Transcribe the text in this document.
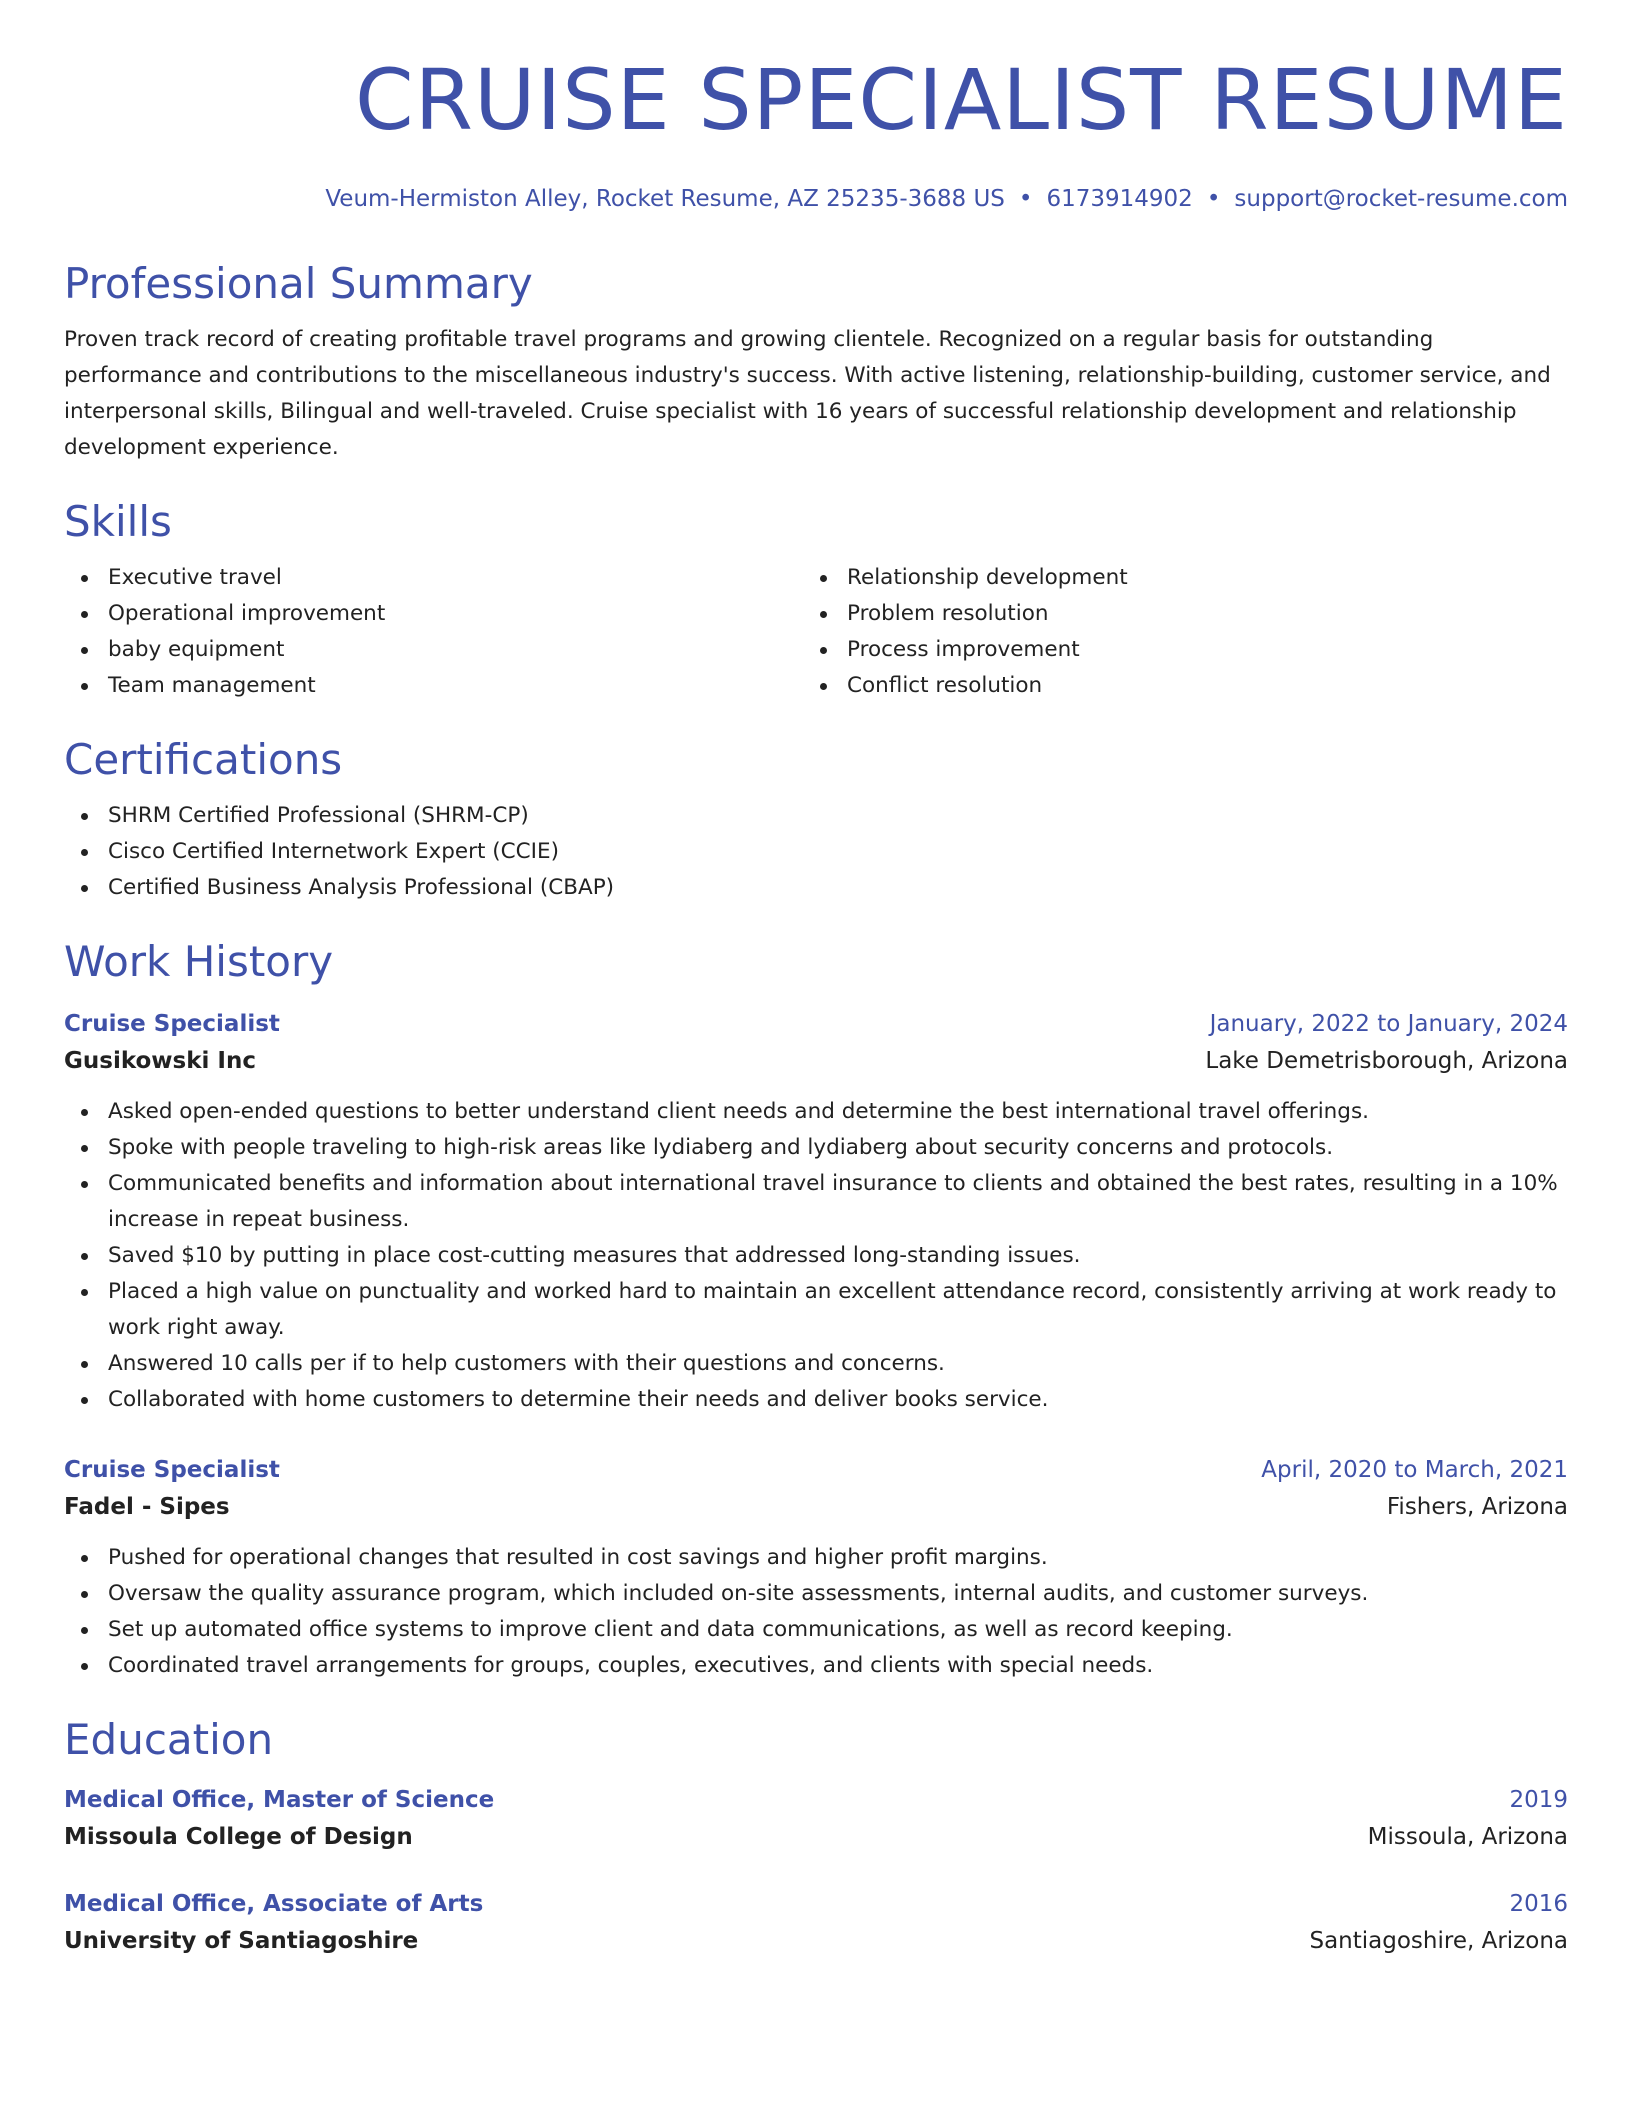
CRUISE SPECIALIST RESUME
Veum-Hermiston Alley, Rocket Resume, AZ 25235-3688 US • 6173914902 • support@rocket-resume.com
Professional Summary
Proven track record of creating profitable travel programs and growing clientele. Recognized on a regular basis for outstanding performance and contributions to the miscellaneous industry's success. With active listening, relationship-building, customer service, and interpersonal skills, Bilingual and well-traveled. Cruise specialist with 16 years of successful relationship development and relationship development experience.
Skills
Executive travel
Operational improvement
baby equipment
Team management
Relationship development
Problem resolution
Process improvement
Conflict resolution
Certifications
SHRM Certified Professional (SHRM-CP)
Cisco Certified Internetwork Expert (CCIE)
Certified Business Analysis Professional (CBAP)
Work History
Cruise Specialist	January, 2022 to January, 2024
Gusikowski Inc	Lake Demetrisborough, Arizona
Asked open-ended questions to better understand client needs and determine the best international travel offerings.
Spoke with people traveling to high-risk areas like lydiaberg and lydiaberg about security concerns and protocols.
Communicated benefits and information about international travel insurance to clients and obtained the best rates, resulting in a 10% increase in repeat business.
Saved $10 by putting in place cost-cutting measures that addressed long-standing issues.
Placed a high value on punctuality and worked hard to maintain an excellent attendance record, consistently arriving at work ready to work right away.
Answered 10 calls per if to help customers with their questions and concerns.
Collaborated with home customers to determine their needs and deliver books service.
Cruise Specialist	April, 2020 to March, 2021
Fadel - Sipes	Fishers, Arizona
Pushed for operational changes that resulted in cost savings and higher profit margins.
Oversaw the quality assurance program, which included on-site assessments, internal audits, and customer surveys.
Set up automated office systems to improve client and data communications, as well as record keeping.
Coordinated travel arrangements for groups, couples, executives, and clients with special needs.
Education
Medical Office, Master of Science	2019
Missoula College of Design	Missoula, Arizona
Medical Office, Associate of Arts	2016
University of Santiagoshire	Santiagoshire, Arizona
